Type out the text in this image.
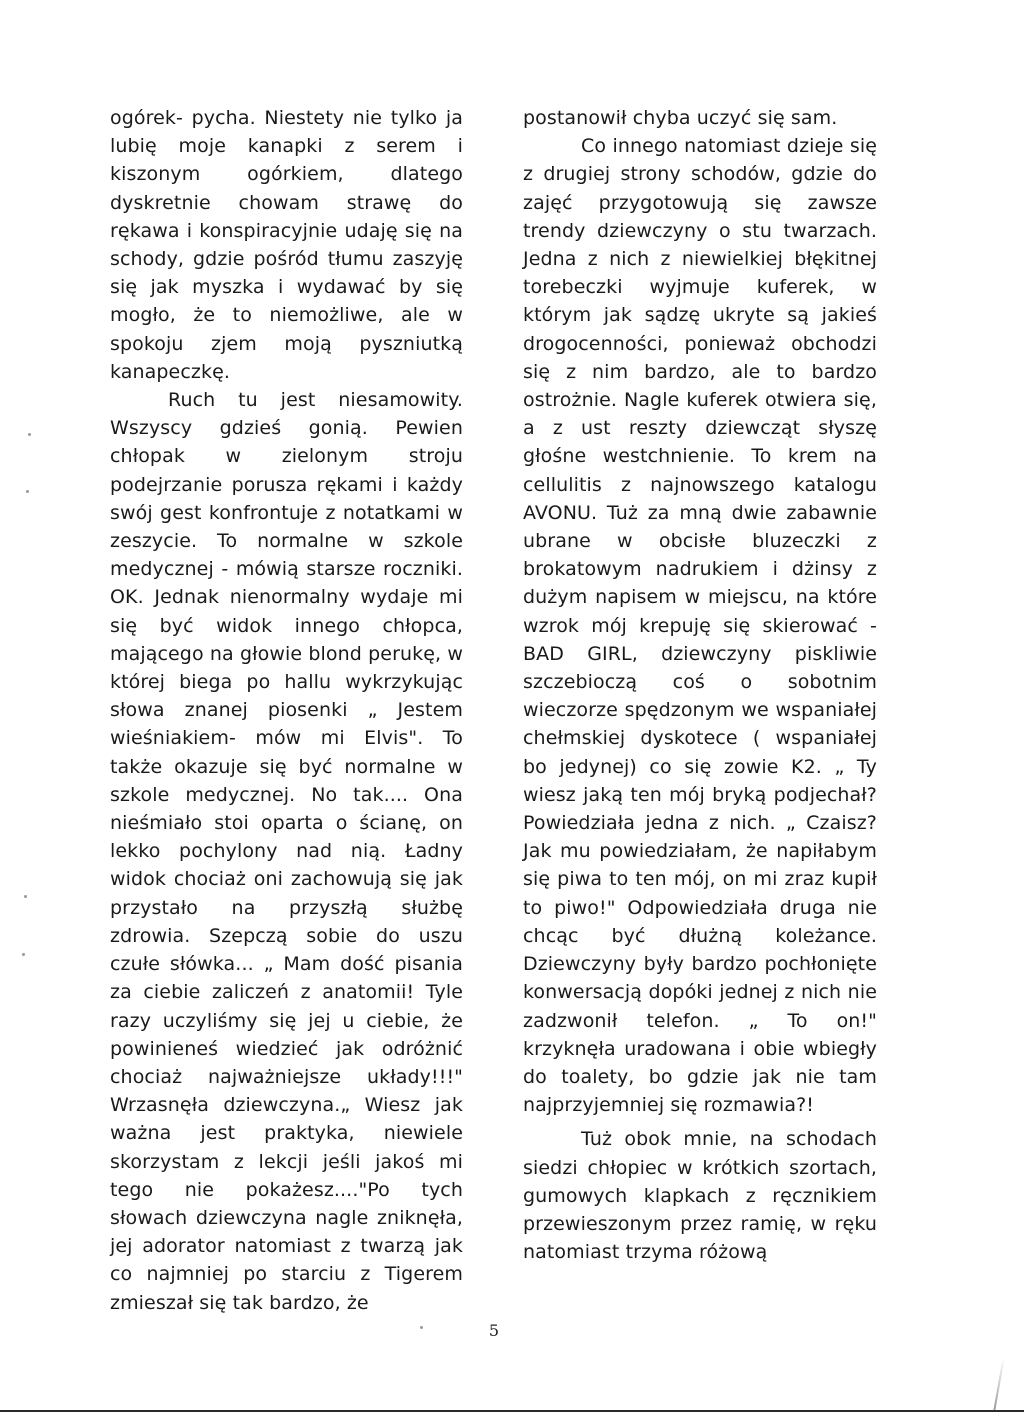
ogórek- pycha. Niestety nie tylko ja lubię moje kanapki z serem i kiszonym ogórkiem, dlatego dyskretnie chowam strawę do rękawa i konspiracyjnie udaję się na schody, gdzie pośród tłumu zaszyję się jak myszka i wydawać by się mogło, że to niemożliwe, ale w spokoju zjem moją pyszniutką kanapeczkę.

Ruch tu jest niesamowity. Wszyscy gdzieś gonią. Pewien chłopak w zielonym stroju podejrzanie porusza rękami i każdy swój gest konfrontuje z notatkami w zeszycie. To normalne w szkole medycznej - mówią starsze roczniki. OK. Jednak nienormalny wydaje mi się być widok innego chłopca, mającego na głowie blond perukę, w której biega po hallu wykrzykując słowa znanej piosenki „ Jestem wieśniakiem- mów mi Elvis". To także okazuje się być normalne w szkole medycznej. No tak.... Ona nieśmiało stoi oparta o ścianę, on lekko pochylony nad nią. Ładny widok chociaż oni zachowują się jak przystało na przyszłą służbę zdrowia. Szepczą sobie do uszu czułe słówka... „ Mam dość pisania za ciebie zaliczeń z anatomii! Tyle razy uczyliśmy się jej u ciebie, że powinieneś wiedzieć jak odróżnić chociaż najważniejsze układy!!!" Wrzasnęła dziewczyna.„ Wiesz jak ważna jest praktyka, niewiele skorzystam z lekcji jeśli jakoś mi tego nie pokażesz...."Po tych słowach dziewczyna nagle zniknęła, jej adorator natomiast z twarzą jak co najmniej po starciu z Tigerem zmieszał się tak bardzo, że

postanowił chyba uczyć się sam.

Co innego natomiast dzieje się z drugiej strony schodów, gdzie do zajęć przygotowują się zawsze trendy dziewczyny o stu twarzach. Jedna z nich z niewielkiej błękitnej torebeczki wyjmuje kuferek, w którym jak sądzę ukryte są jakieś drogocenności, ponieważ obchodzi się z nim bardzo, ale to bardzo ostrożnie. Nagle kuferek otwiera się, a z ust reszty dziewcząt słyszę głośne westchnienie. To krem na cellulitis z najnowszego katalogu AVONU. Tuż za mną dwie zabawnie ubrane w obcisłe bluzeczki z brokatowym nadrukiem i dżinsy z dużym napisem w miejscu, na które wzrok mój krepuję się skierować - BAD GIRL, dziewczyny piskliwie szczebioczą coś o sobotnim wieczorze spędzonym we wspaniałej chełmskiej dyskotece ( wspaniałej bo jedynej) co się zowie K2. „ Ty wiesz jaką ten mój bryką podjechał? Powiedziała jedna z nich. „ Czaisz? Jak mu powiedziałam, że napiłabym się piwa to ten mój, on mi zraz kupił to piwo!" Odpowiedziała druga nie chcąc być dłużną koleżance. Dziewczyny były bardzo pochłonięte konwersacją dopóki jednej z nich nie zadzwonił telefon. „ To on!" krzyknęła uradowana i obie wbiegły do toalety, bo gdzie jak nie tam najprzyjemniej się rozmawia?!

Tuż obok mnie, na schodach siedzi chłopiec w krótkich szortach, gumowych klapkach z ręcznikiem przewieszonym przez ramię, w ręku natomiast trzyma różową

5
